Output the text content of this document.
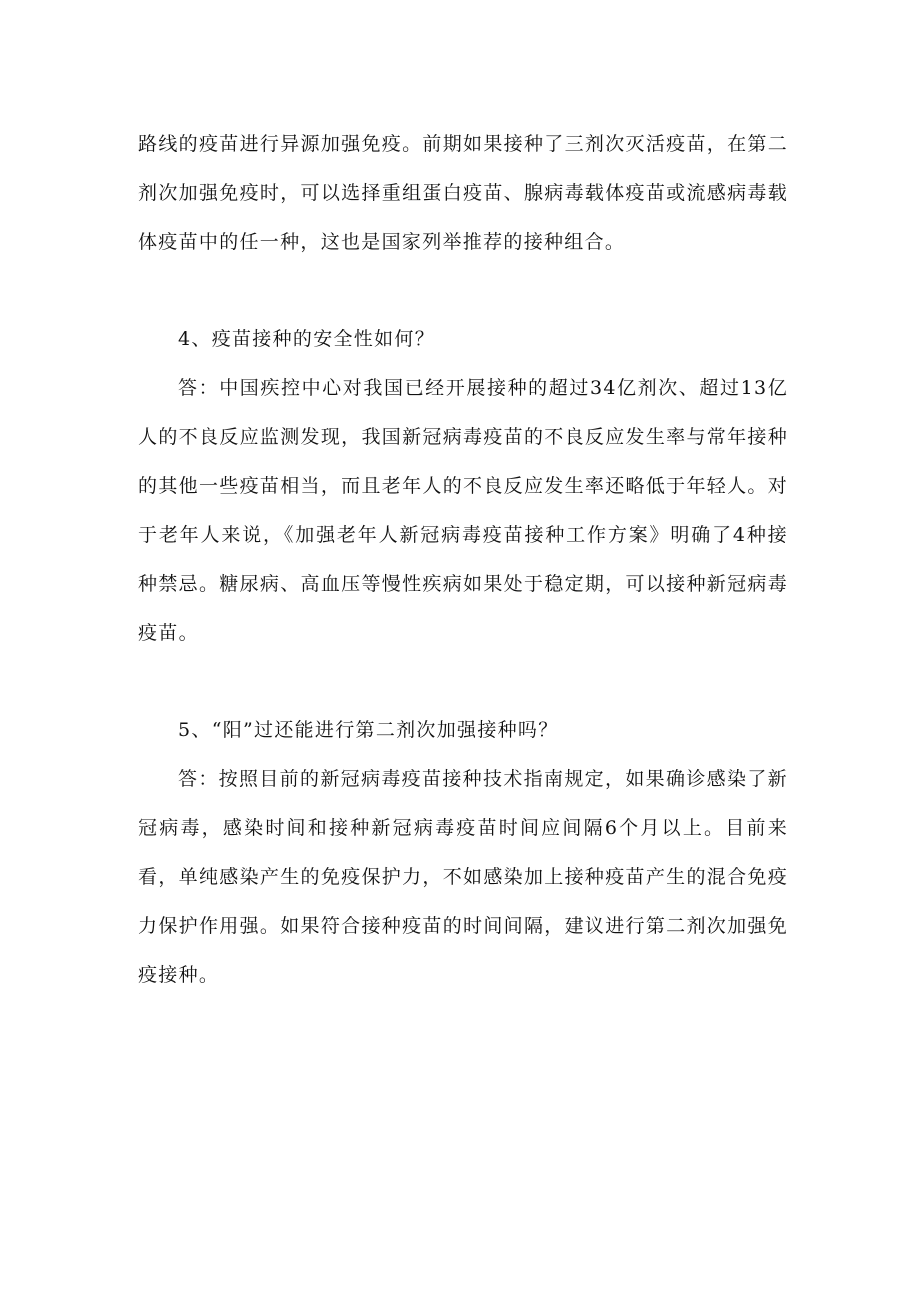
路线的疫苗进行异源加强免疫。前期如果接种了三剂次灭活疫苗，在第二剂次加强免疫时，可以选择重组蛋白疫苗、腺病毒载体疫苗或流感病毒载体疫苗中的任一种，这也是国家列举推荐的接种组合。

4、疫苗接种的安全性如何？

答：中国疾控中心对我国已经开展接种的超过34亿剂次、超过13亿人的不良反应监测发现，我国新冠病毒疫苗的不良反应发生率与常年接种的其他一些疫苗相当，而且老年人的不良反应发生率还略低于年轻人。对于老年人来说，《加强老年人新冠病毒疫苗接种工作方案》明确了4种接种禁忌。糖尿病、高血压等慢性疾病如果处于稳定期，可以接种新冠病毒疫苗。

5、“阳”过还能进行第二剂次加强接种吗？

答：按照目前的新冠病毒疫苗接种技术指南规定，如果确诊感染了新冠病毒，感染时间和接种新冠病毒疫苗时间应间隔6个月以上。目前来看，单纯感染产生的免疫保护力，不如感染加上接种疫苗产生的混合免疫力保护作用强。如果符合接种疫苗的时间间隔，建议进行第二剂次加强免疫接种。
